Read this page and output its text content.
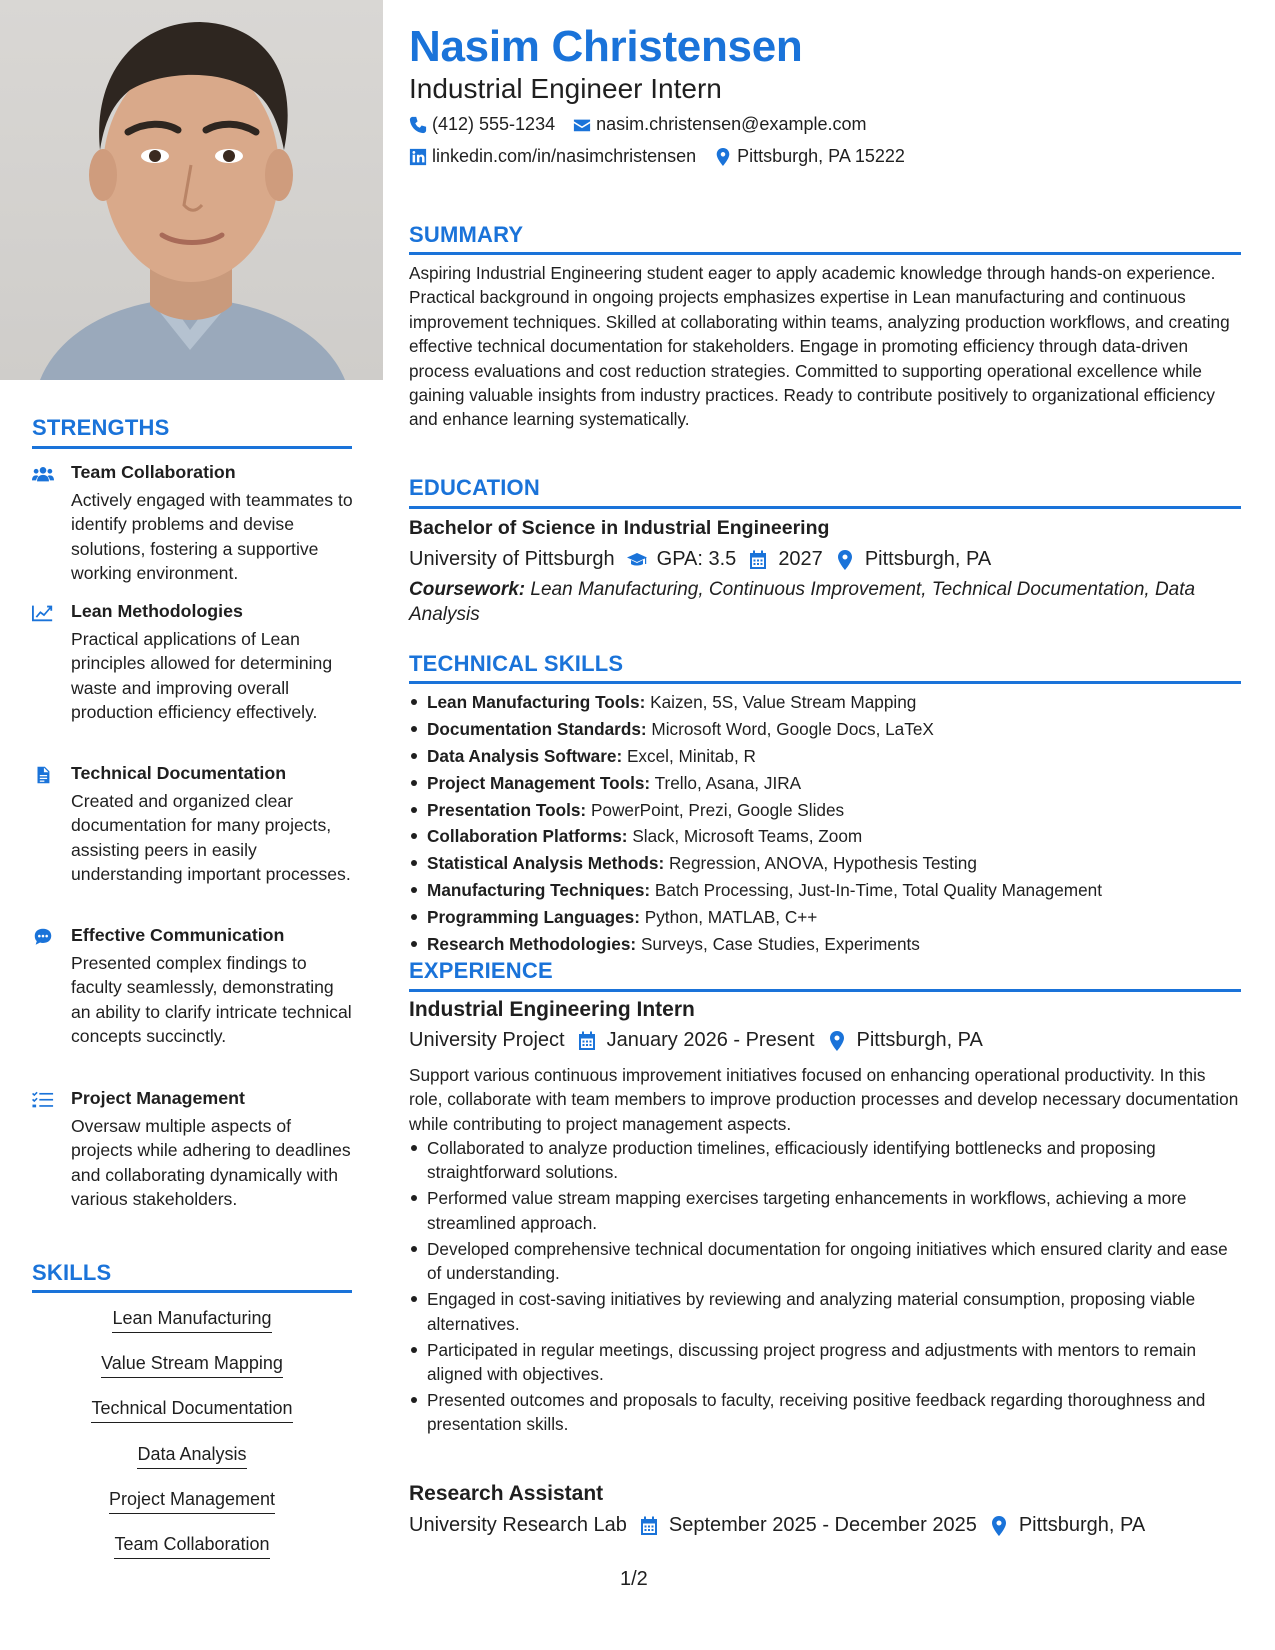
STRENGTHS
Team Collaboration
Actively engaged with teammates to identify problems and devise solutions, fostering a supportive working environment.
Lean Methodologies
Practical applications of Lean principles allowed for determining waste and improving overall production efficiency effectively.
Technical Documentation
Created and organized clear documentation for many projects, assisting peers in easily understanding important processes.
Effective Communication
Presented complex findings to faculty seamlessly, demonstrating an ability to clarify intricate technical concepts succinctly.
Project Management
Oversaw multiple aspects of projects while adhering to deadlines and collaborating dynamically with various stakeholders.
SKILLS
Lean Manufacturing
Value Stream Mapping
Technical Documentation
Data Analysis
Project Management
Team Collaboration
Nasim Christensen
Industrial Engineer Intern
(412) 555-1234 nasim.christensen@example.com
linkedin.com/in/nasimchristensen Pittsburgh, PA 15222
SUMMARY
Aspiring Industrial Engineering student eager to apply academic knowledge through hands-on experience. Practical background in ongoing projects emphasizes expertise in Lean manufacturing and continuous improvement techniques. Skilled at collaborating within teams, analyzing production workflows, and creating effective technical documentation for stakeholders. Engage in promoting efficiency through data-driven process evaluations and cost reduction strategies. Committed to supporting operational excellence while gaining valuable insights from industry practices. Ready to contribute positively to organizational efficiency and enhance learning systematically.
EDUCATION
Bachelor of Science in Industrial Engineering
University of Pittsburgh GPA: 3.5 2027 Pittsburgh, PA
Coursework: Lean Manufacturing, Continuous Improvement, Technical Documentation, Data Analysis
TECHNICAL SKILLS
Lean Manufacturing Tools: Kaizen, 5S, Value Stream Mapping
Documentation Standards: Microsoft Word, Google Docs, LaTeX
Data Analysis Software: Excel, Minitab, R
Project Management Tools: Trello, Asana, JIRA
Presentation Tools: PowerPoint, Prezi, Google Slides
Collaboration Platforms: Slack, Microsoft Teams, Zoom
Statistical Analysis Methods: Regression, ANOVA, Hypothesis Testing
Manufacturing Techniques: Batch Processing, Just-In-Time, Total Quality Management
Programming Languages: Python, MATLAB, C++
Research Methodologies: Surveys, Case Studies, Experiments
EXPERIENCE
Industrial Engineering Intern
University Project January 2026 - Present Pittsburgh, PA
Support various continuous improvement initiatives focused on enhancing operational productivity. In this role, collaborate with team members to improve production processes and develop necessary documentation while contributing to project management aspects.
Collaborated to analyze production timelines, efficaciously identifying bottlenecks and proposing straightforward solutions.
Performed value stream mapping exercises targeting enhancements in workflows, achieving a more streamlined approach.
Developed comprehensive technical documentation for ongoing initiatives which ensured clarity and ease of understanding.
Engaged in cost-saving initiatives by reviewing and analyzing material consumption, proposing viable alternatives.
Participated in regular meetings, discussing project progress and adjustments with mentors to remain aligned with objectives.
Presented outcomes and proposals to faculty, receiving positive feedback regarding thoroughness and presentation skills.
Research Assistant
University Research Lab September 2025 - December 2025 Pittsburgh, PA
1/2
